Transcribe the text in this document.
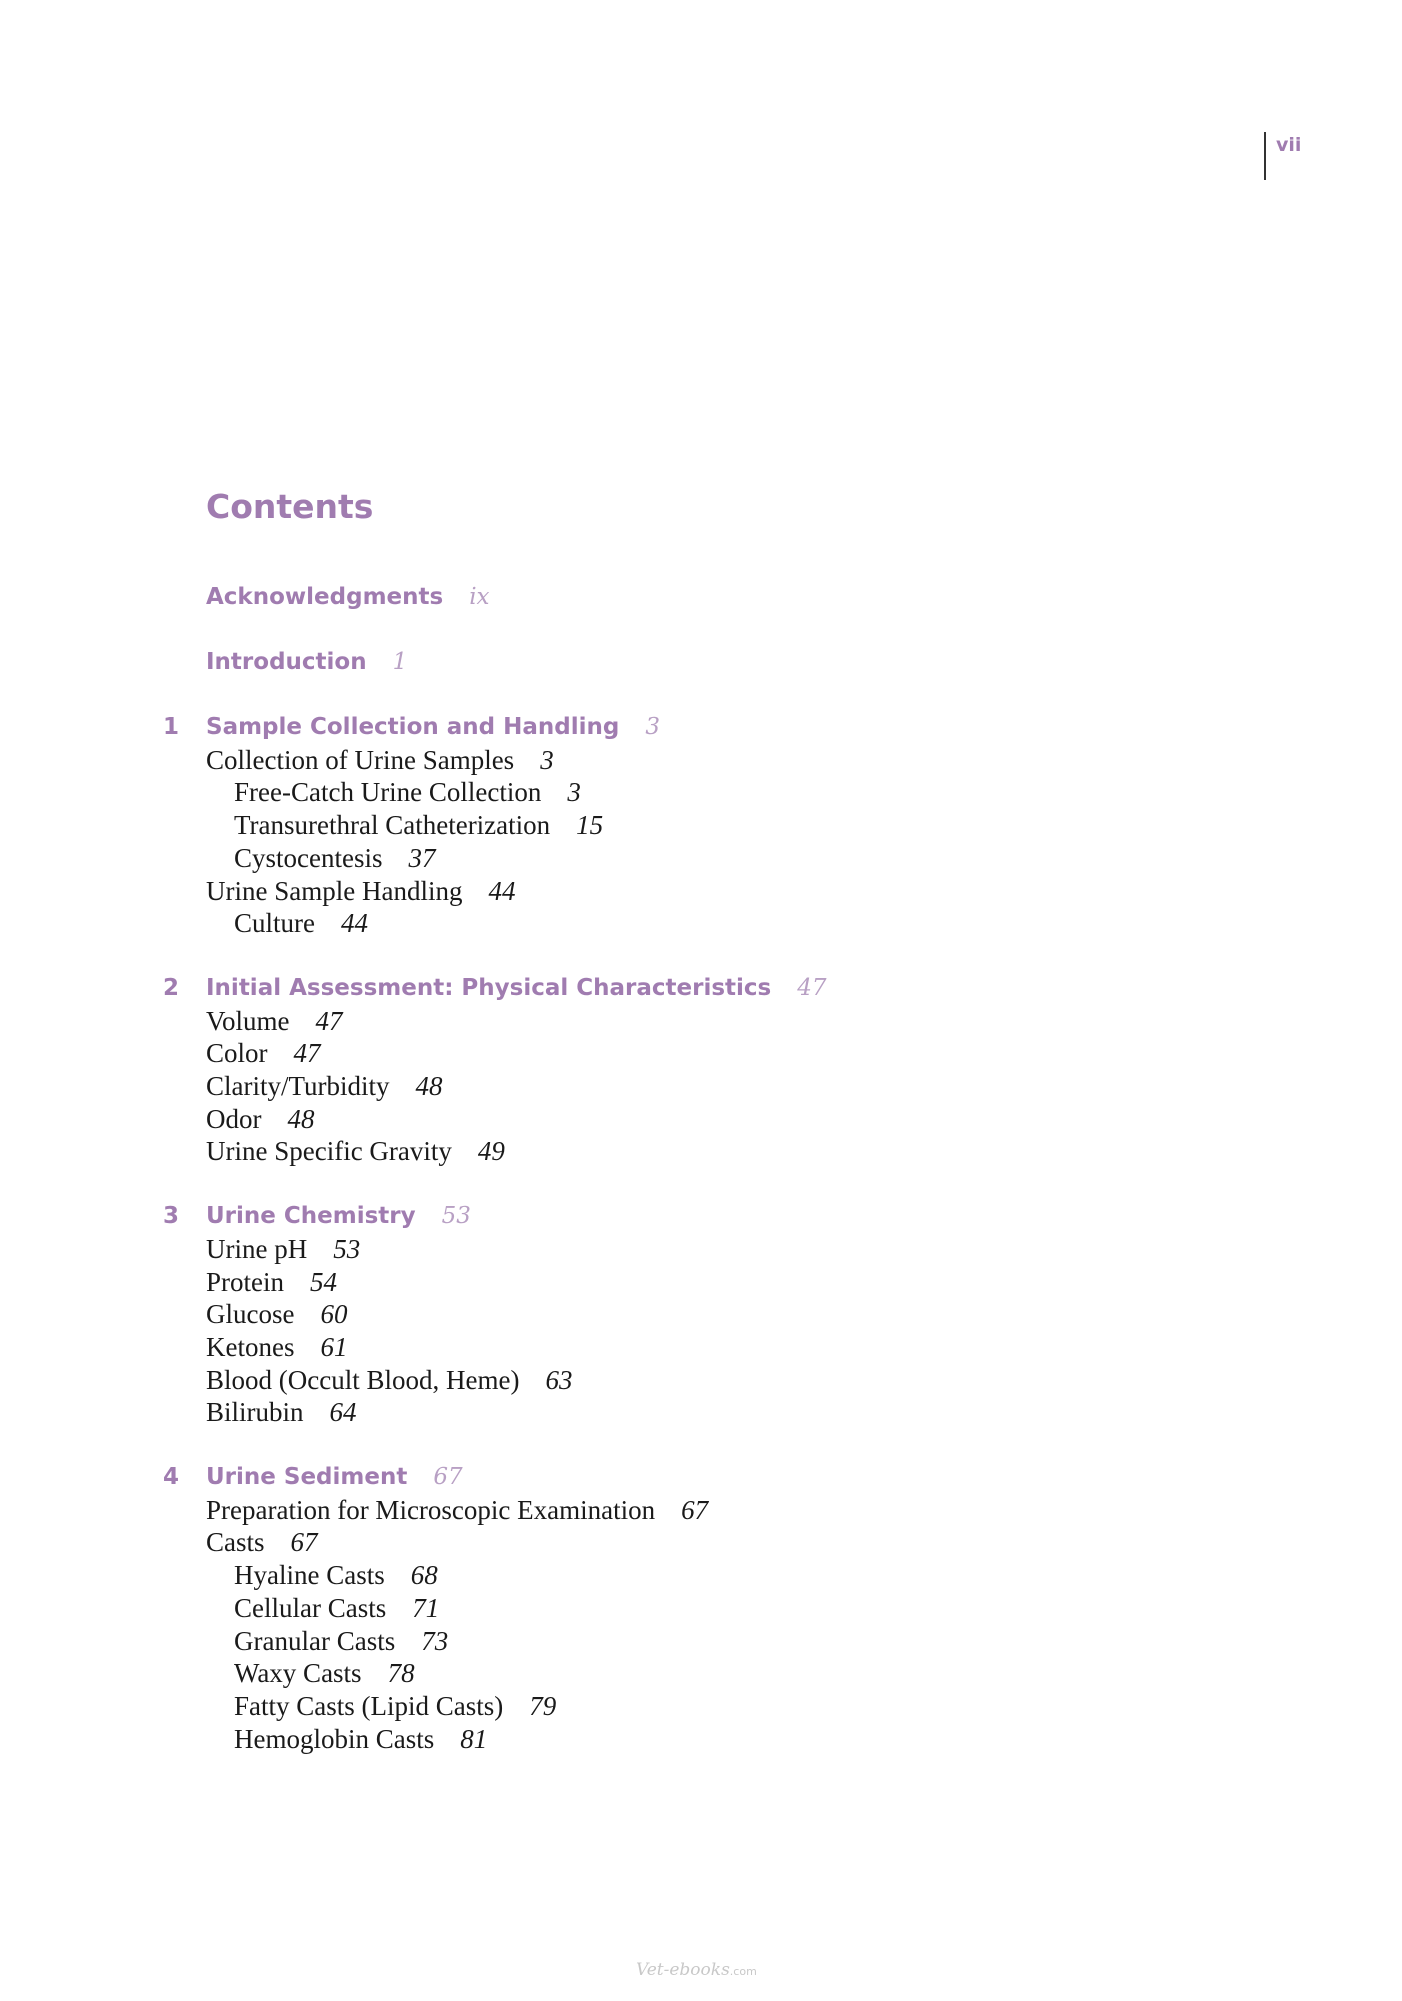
vii
Contents
Acknowledgments ix
Introduction 1
1 Sample Collection and Handling 3
Collection of Urine Samples 3
Free-Catch Urine Collection 3
Transurethral Catheterization 15
Cystocentesis 37
Urine Sample Handling 44
Culture 44
2 Initial Assessment: Physical Characteristics 47
Volume 47
Color 47
Clarity/Turbidity 48
Odor 48
Urine Specific Gravity 49
3 Urine Chemistry 53
Urine pH 53
Protein 54
Glucose 60
Ketones 61
Blood (Occult Blood, Heme) 63
Bilirubin 64
4 Urine Sediment 67
Preparation for Microscopic Examination 67
Casts 67
Hyaline Casts 68
Cellular Casts 71
Granular Casts 73
Waxy Casts 78
Fatty Casts (Lipid Casts) 79
Hemoglobin Casts 81
Vet-ebooks.com
